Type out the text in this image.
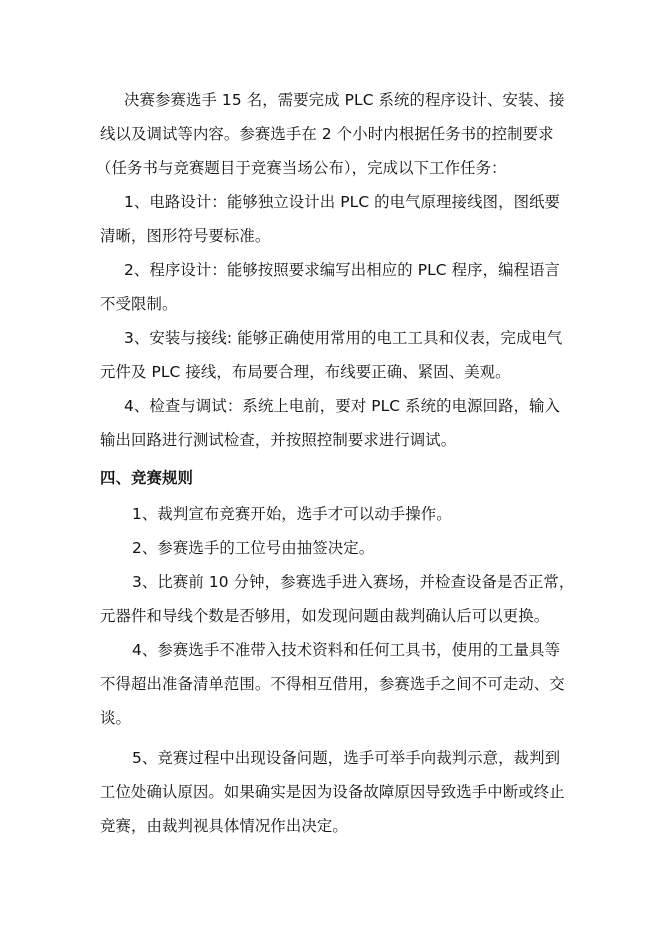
决赛参赛选手 15 名，需要完成 PLC 系统的程序设计、安装、接
线以及调试等内容。参赛选手在 2 个小时内根据任务书的控制要求
（任务书与竞赛题目于竞赛当场公布），完成以下工作任务：
1、电路设计：能够独立设计出 PLC 的电气原理接线图，图纸要
清晰，图形符号要标准。
2、程序设计：能够按照要求编写出相应的 PLC 程序，编程语言
不受限制。
3、安装与接线: 能够正确使用常用的电工工具和仪表，完成电气
元件及 PLC 接线，布局要合理，布线要正确、紧固、美观。
4、检查与调试：系统上电前，要对 PLC 系统的电源回路，输入
输出回路进行测试检查，并按照控制要求进行调试。
四、竞赛规则
1、裁判宣布竞赛开始，选手才可以动手操作。
2、参赛选手的工位号由抽签决定。
3、比赛前 10 分钟，参赛选手进入赛场，并检查设备是否正常，
元器件和导线个数是否够用，如发现问题由裁判确认后可以更换。
4、参赛选手不准带入技术资料和任何工具书，使用的工量具等
不得超出准备清单范围。不得相互借用，参赛选手之间不可走动、交
谈。
5、竞赛过程中出现设备问题，选手可举手向裁判示意，裁判到
工位处确认原因。如果确实是因为设备故障原因导致选手中断或终止
竞赛，由裁判视具体情况作出决定。
